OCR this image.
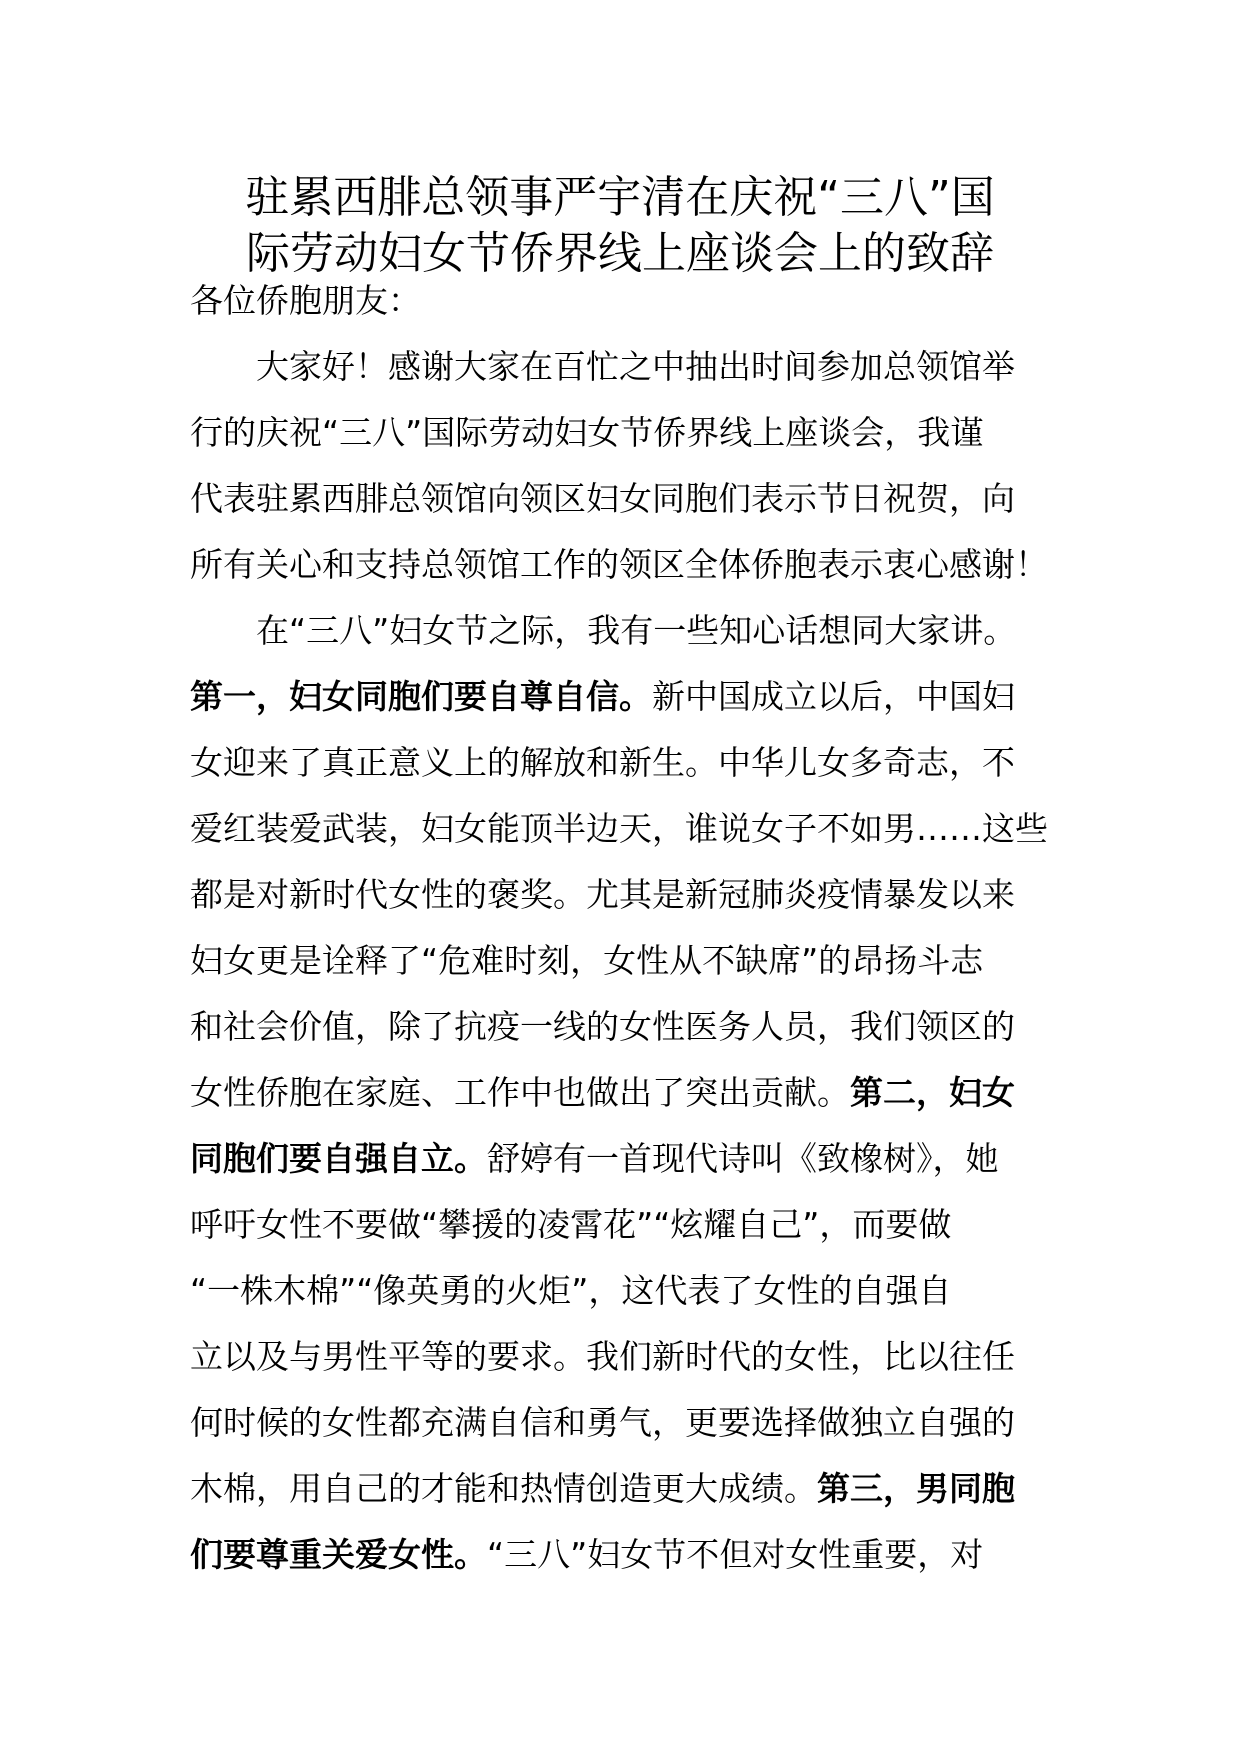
驻累西腓总领事严宇清在庆祝“三八”国
际劳动妇女节侨界线上座谈会上的致辞

各位侨胞朋友：

大家好！感谢大家在百忙之中抽出时间参加总领馆举
行的庆祝“三八”国际劳动妇女节侨界线上座谈会，我谨
代表驻累西腓总领馆向领区妇女同胞们表示节日祝贺，向
所有关心和支持总领馆工作的领区全体侨胞表示衷心感谢！

在“三八”妇女节之际，我有一些知心话想同大家讲。
第一，妇女同胞们要自尊自信。新中国成立以后，中国妇
女迎来了真正意义上的解放和新生。中华儿女多奇志，不
爱红装爱武装，妇女能顶半边天，谁说女子不如男……这些
都是对新时代女性的褒奖。尤其是新冠肺炎疫情暴发以来
妇女更是诠释了“危难时刻，女性从不缺席”的昂扬斗志
和社会价值，除了抗疫一线的女性医务人员，我们领区的
女性侨胞在家庭、工作中也做出了突出贡献。第二，妇女
同胞们要自强自立。舒婷有一首现代诗叫《致橡树》，她
呼吁女性不要做“攀援的凌霄花”“炫耀自己”，而要做
“一株木棉”“像英勇的火炬”，这代表了女性的自强自
立以及与男性平等的要求。我们新时代的女性，比以往任
何时候的女性都充满自信和勇气，更要选择做独立自强的
木棉，用自己的才能和热情创造更大成绩。第三，男同胞
们要尊重关爱女性。“三八”妇女节不但对女性重要，对
